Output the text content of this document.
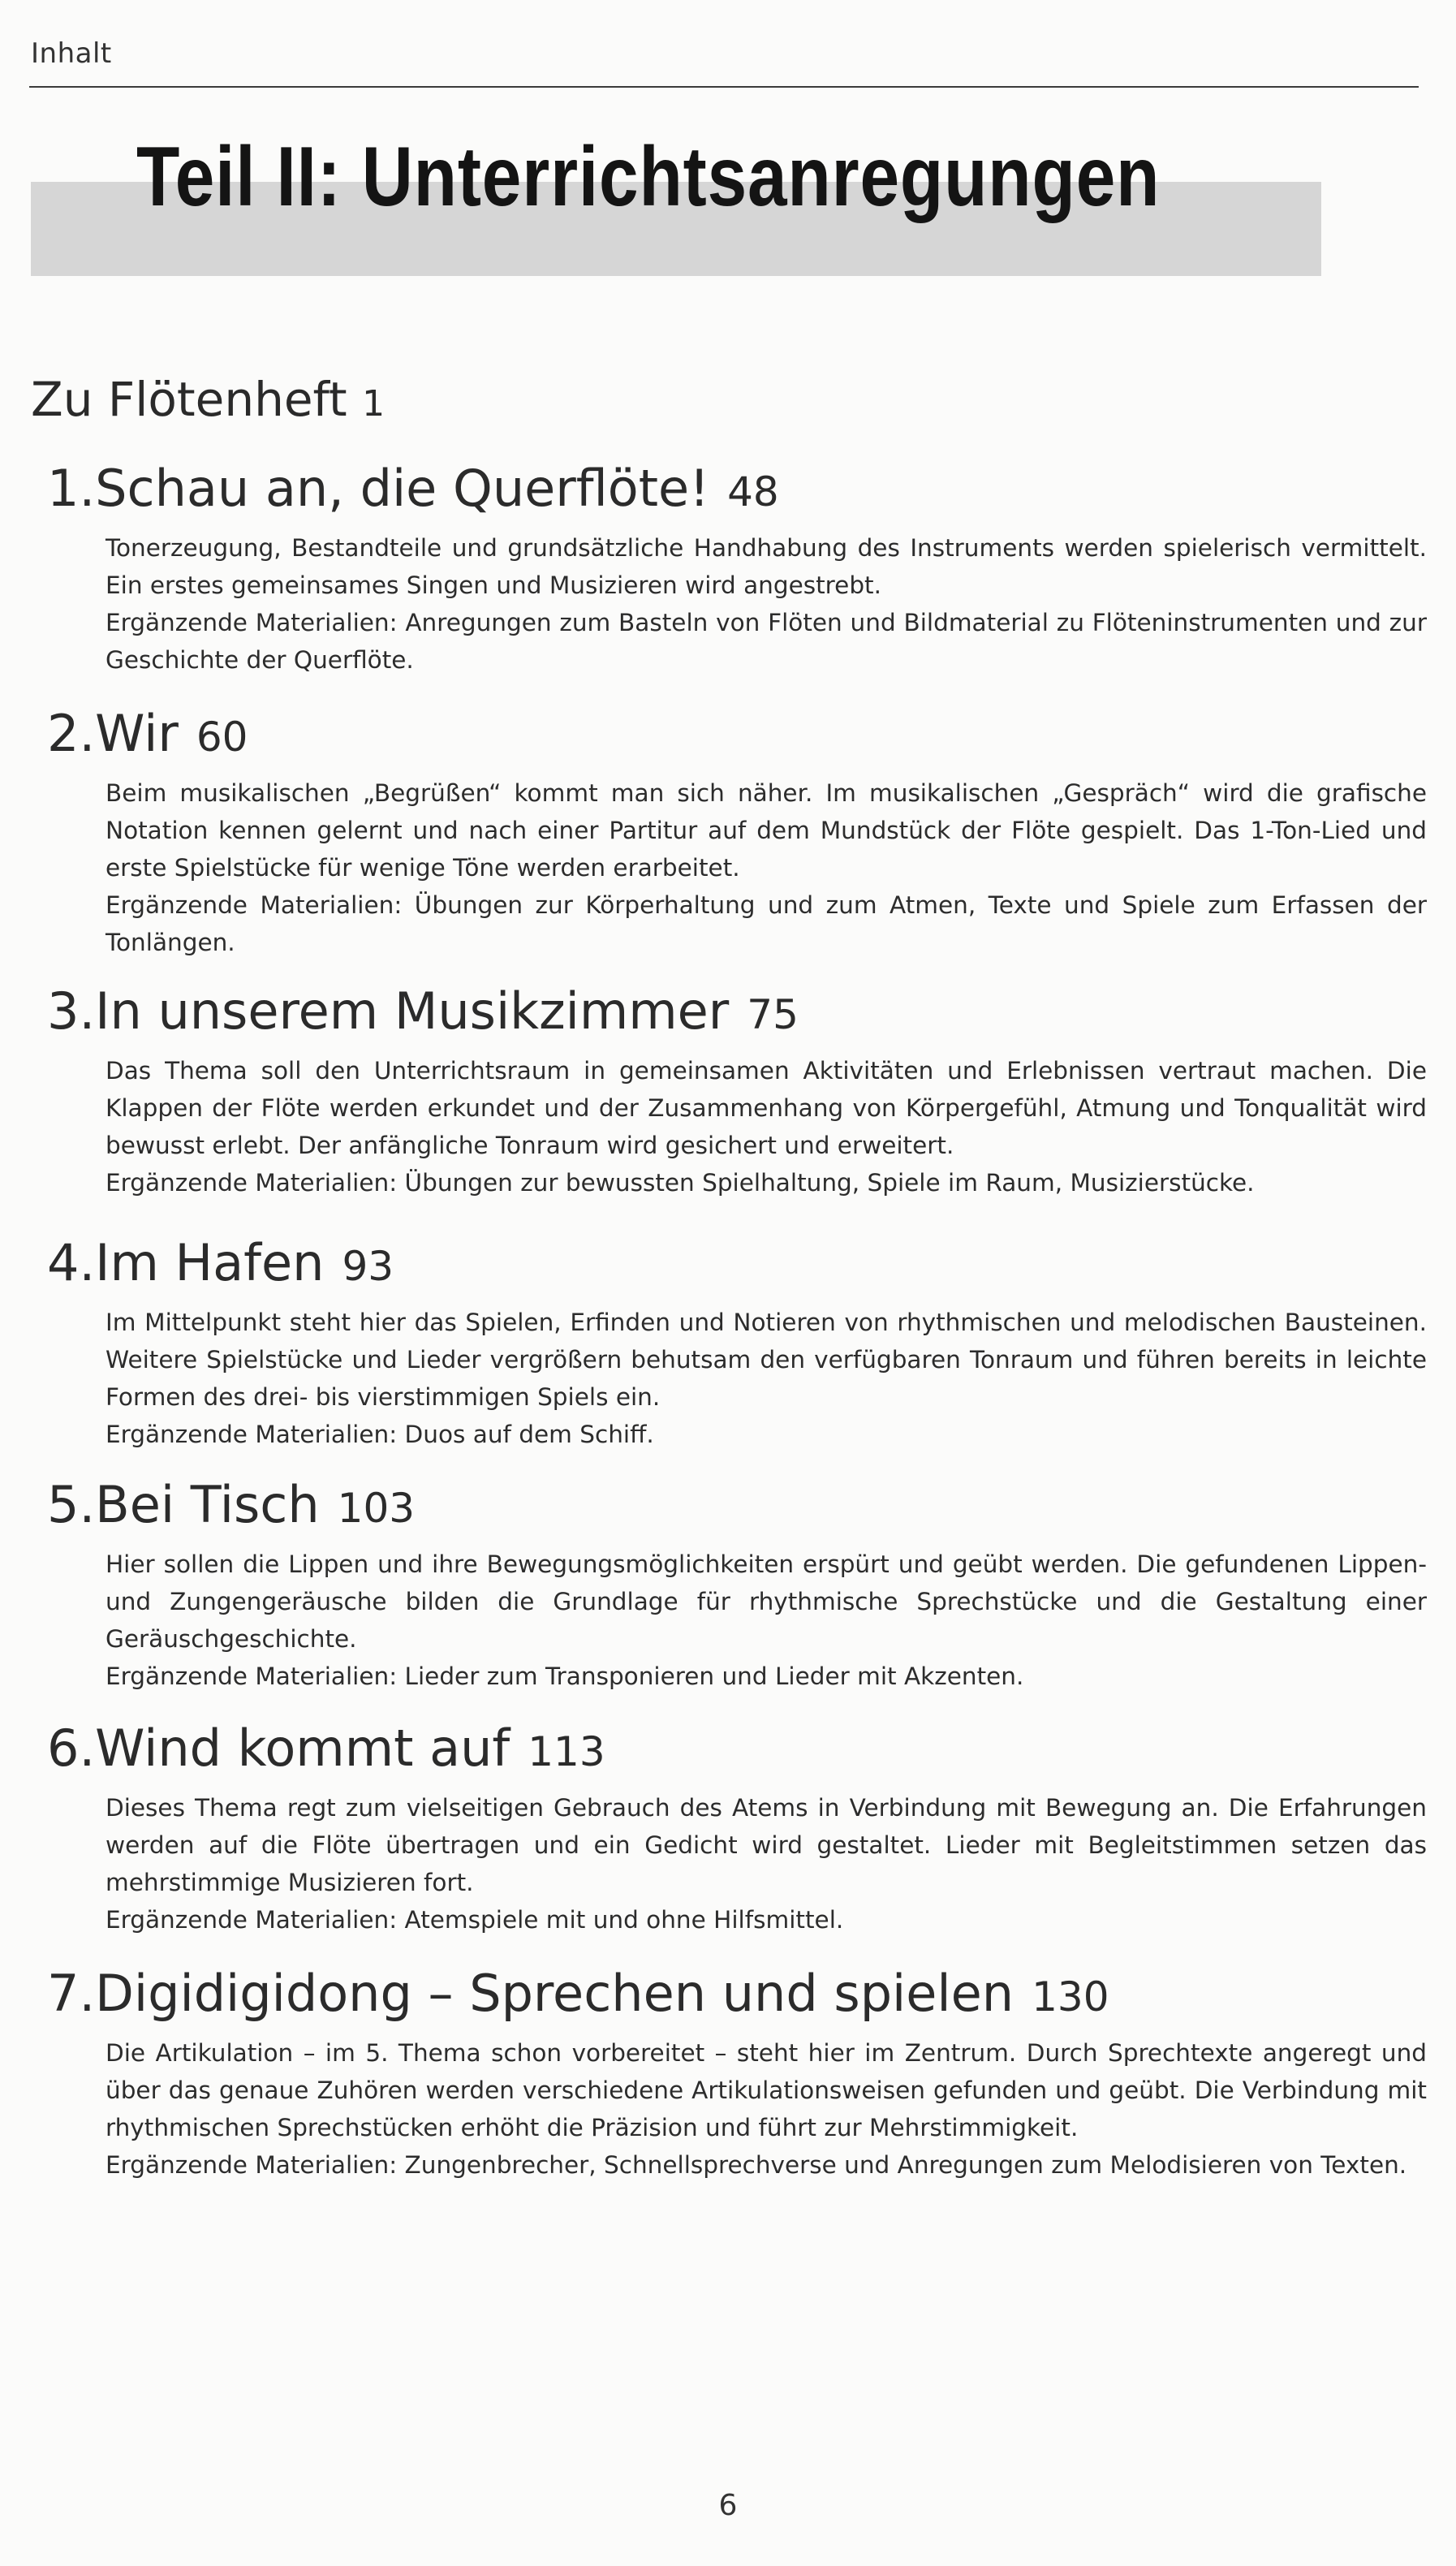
Inhalt
Teil II: Unterrichtsanregungen
Zu Flötenheft 1
1.Schau an, die Querflöte! 48

Tonerzeugung, Bestandteile und grundsätzliche Handhabung des Instruments werden spielerisch vermittelt. Ein erstes gemeinsames Singen und Musizieren wird angestrebt.

Ergänzende Materialien: Anregungen zum Basteln von Flöten und Bildmaterial zu Flöteninstrumenten und zur Geschichte der Querflöte.

2.Wir 60

Beim musikalischen „Begrüßen“ kommt man sich näher. Im musikalischen „Gespräch“ wird die grafische Notation kennen gelernt und nach einer Partitur auf dem Mundstück der Flöte gespielt. Das 1-Ton-Lied und erste Spielstücke für wenige Töne werden erarbeitet.

Ergänzende Materialien: Übungen zur Körperhaltung und zum Atmen, Texte und Spiele zum Erfassen der Tonlängen.

3.In unserem Musikzimmer 75

Das Thema soll den Unterrichtsraum in gemeinsamen Aktivitäten und Erlebnissen vertraut machen. Die Klappen der Flöte werden erkundet und der Zusammenhang von Körpergefühl, Atmung und Tonqualität wird bewusst erlebt. Der anfängliche Tonraum wird gesichert und erweitert.

Ergänzende Materialien: Übungen zur bewussten Spielhaltung, Spiele im Raum, Musizierstücke.

4.Im Hafen 93

Im Mittelpunkt steht hier das Spielen, Erfinden und Notieren von rhythmischen und melodischen Bausteinen. Weitere Spielstücke und Lieder vergrößern behutsam den verfügbaren Tonraum und führen bereits in leichte Formen des drei- bis vierstimmigen Spiels ein.

Ergänzende Materialien: Duos auf dem Schiff.

5.Bei Tisch 103

Hier sollen die Lippen und ihre Bewegungsmöglichkeiten erspürt und geübt werden. Die gefundenen Lippen- und Zungengeräusche bilden die Grundlage für rhythmische Sprechstücke und die Gestaltung einer Geräuschgeschichte.

Ergänzende Materialien: Lieder zum Transponieren und Lieder mit Akzenten.

6.Wind kommt auf 113

Dieses Thema regt zum vielseitigen Gebrauch des Atems in Verbindung mit Bewegung an. Die Erfahrungen werden auf die Flöte übertragen und ein Gedicht wird gestaltet. Lieder mit Begleitstimmen setzen das mehrstimmige Musizieren fort.

Ergänzende Materialien: Atemspiele mit und ohne Hilfsmittel.

7.Digidigidong – Sprechen und spielen 130

Die Artikulation – im 5. Thema schon vorbereitet – steht hier im Zentrum. Durch Sprechtexte angeregt und über das genaue Zuhören werden verschiedene Artikulationsweisen gefunden und geübt. Die Verbindung mit rhythmischen Sprechstücken erhöht die Präzision und führt zur Mehrstimmigkeit.

Ergänzende Materialien: Zungenbrecher, Schnellsprechverse und Anregungen zum Melodisieren von Texten.

6
